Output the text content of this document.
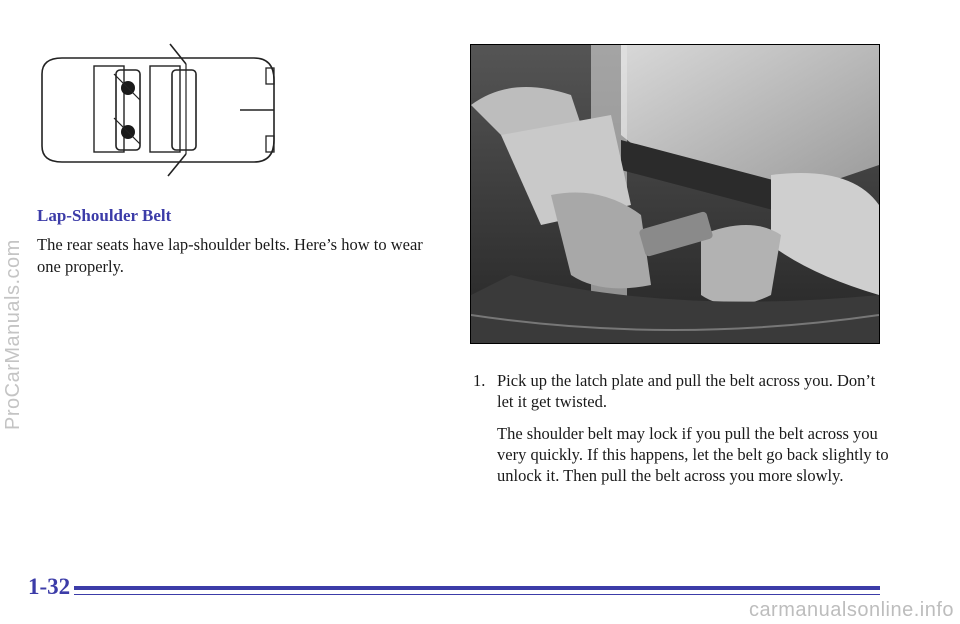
ProCarManuals.com
Lap-Shoulder Belt

The rear seats have lap-shoulder belts. Here’s how to wear one properly.

1. Pick up the latch plate and pull the belt across you. Don’t let it get twisted.

The shoulder belt may lock if you pull the belt across you very quickly. If this happens, let the belt go back slightly to unlock it. Then pull the belt across you more slowly.

1-32
carmanualsonline.info
